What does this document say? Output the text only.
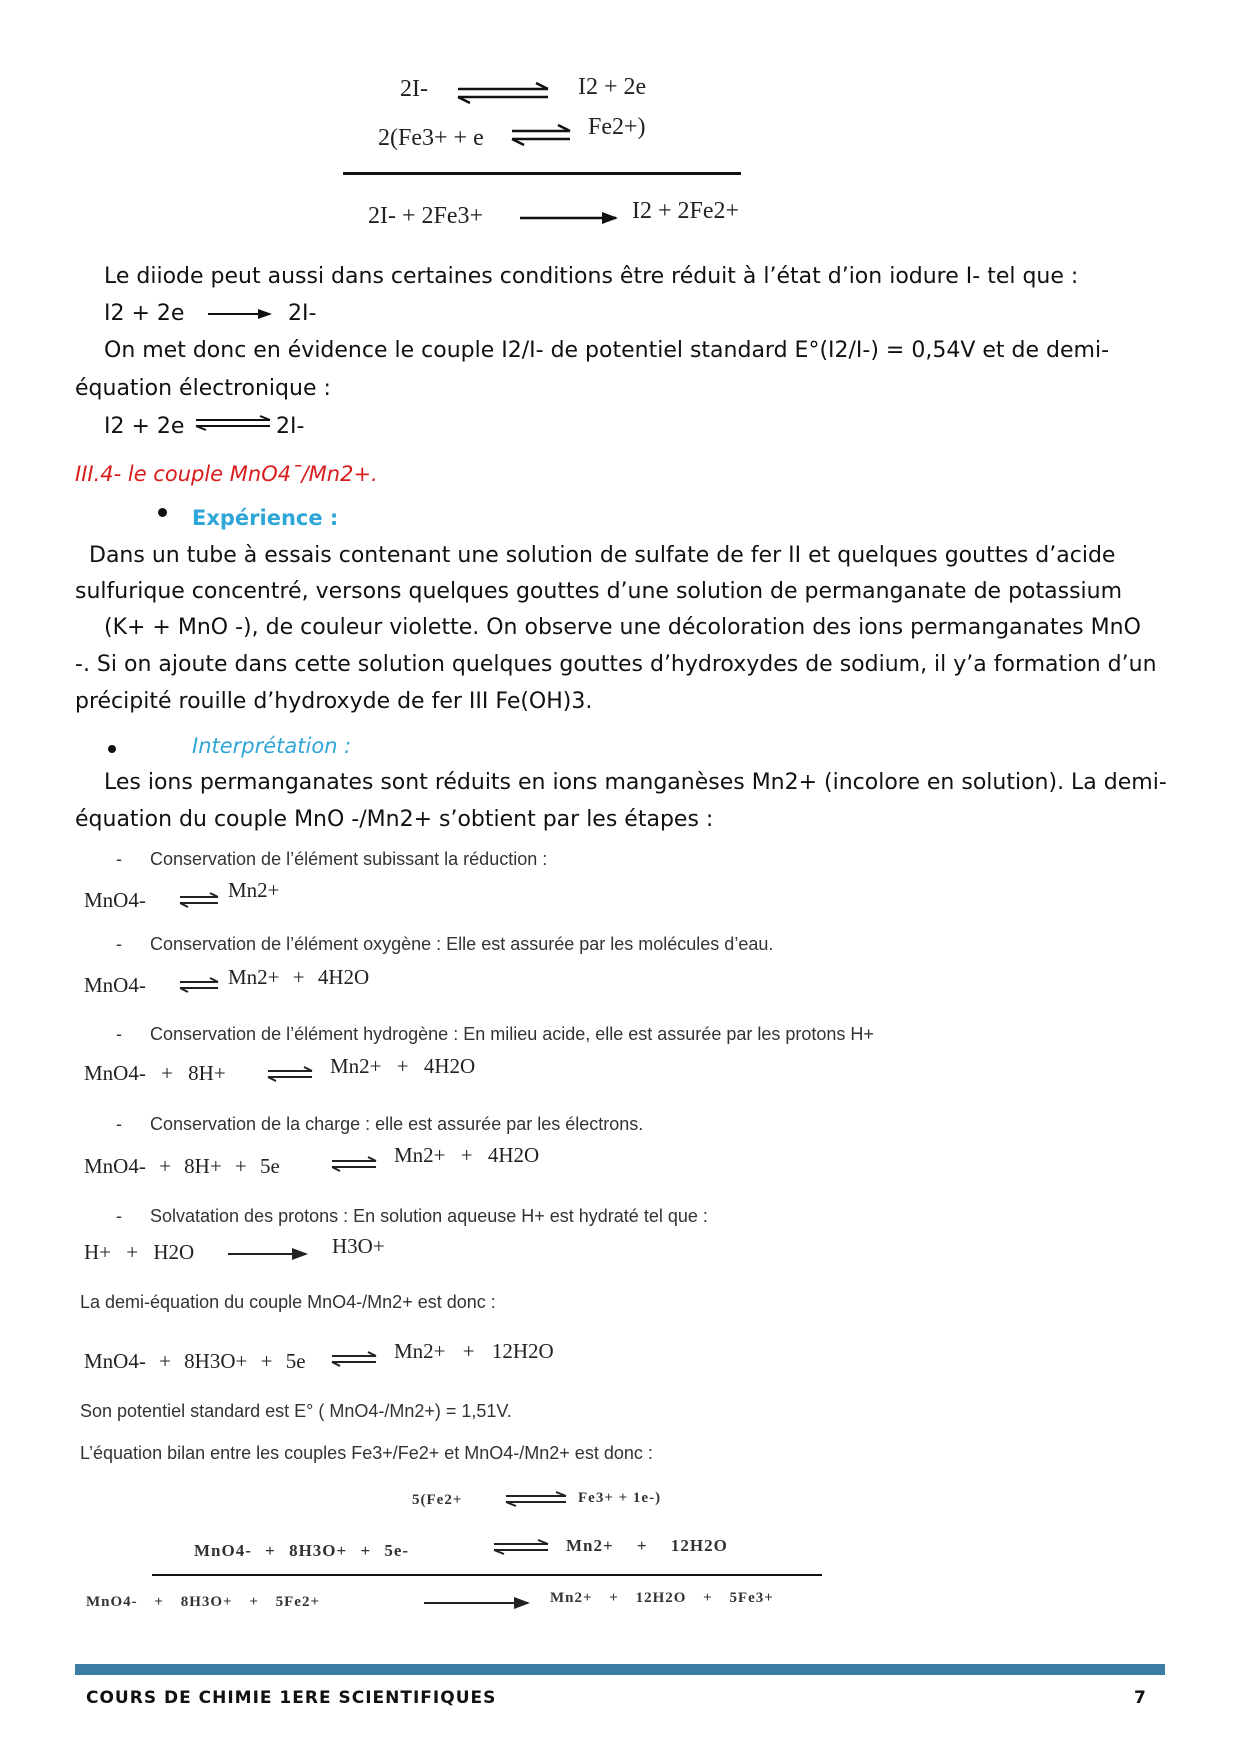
2I-	I2 + 2e
2(Fe3+ + e ⇌ Fe2+)
2I- + 2Fe3+	I2 + 2Fe2+
Le diiode peut aussi dans certaines conditions être réduit à l’état d’ion iodure I- tel que :
I2 + 2e	2I-
On met donc en évidence le couple I2/I- de potentiel standard E°(I2/I-) = 0,54V et de demi-
équation électronique :
I2 + 2e	2I-
III.4- le couple MnO4¯/Mn2+.
Expérience :
Dans un tube à essais contenant une solution de sulfate de fer II et quelques gouttes d’acide
sulfurique concentré, versons quelques gouttes d’une solution de permanganate de potassium
(K+ + MnO -), de couleur violette. On observe une décoloration des ions permanganates MnO
-. Si on ajoute dans cette solution quelques gouttes d’hydroxydes de sodium, il y’a formation d’un
précipité rouille d’hydroxyde de fer III Fe(OH)3.
Interprétation :
Les ions permanganates sont réduits en ions manganèses Mn2+ (incolore en solution). La demi-
équation du couple MnO -/Mn2+ s’obtient par les étapes :
- Conservation de l’élément subissant la réduction :
MnO4- ⇌ Mn2+
- Conservation de l’élément oxygène : Elle est assurée par les molécules d’eau.
MnO4- ⇌ Mn2+ + 4H2O
- Conservation de l’élément hydrogène : En milieu acide, elle est assurée par les protons H+
MnO4- + 8H+	⇌ Mn2+ + 4H2O
- Conservation de la charge : elle est assurée par les électrons.
MnO4- + 8H+ + 5e	⇌ Mn2+ + 4H2O
- Solvatation des protons : En solution aqueuse H+ est hydraté tel que :
H+ + H2O	H3O+
La demi-équation du couple MnO4-/Mn2+ est donc :
MnO4- + 8H3O+ + 5e ⇌ Mn2+ + 12H2O
Son potentiel standard est E° ( MnO4-/Mn2+) = 1,51V.
L’équation bilan entre les couples Fe3+/Fe2+ et MnO4-/Mn2+ est donc :
5(Fe2+	⇌ Fe3+ + 1e-)
MnO4- + 8H3O+ + 5e-	⇌ Mn2+ + 12H2O
MnO4- + 8H3O+ + 5Fe2+	Mn2+ + 12H2O + 5Fe3+
COURS DE CHIMIE 1ERE SCIENTIFIQUES	7
